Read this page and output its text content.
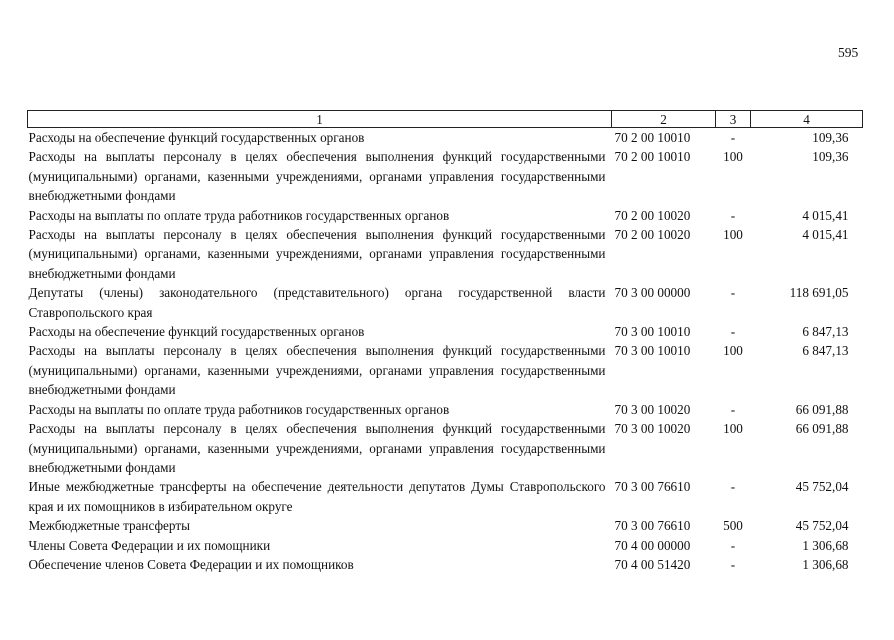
595
1	2	3	4
Расходы на обеспечение функций государственных органов	70 2 00 10010	-	109,36
Расходы на выплаты персоналу в целях обеспечения выполнения функций государственными (муниципальными) органами, казенными учреждениями, органами управления государственными внебюджетными фондами	70 2 00 10010	100	109,36
Расходы на выплаты по оплате труда работников государственных органов	70 2 00 10020	-	4 015,41
Расходы на выплаты персоналу в целях обеспечения выполнения функций государственными (муниципальными) органами, казенными учреждениями, органами управления государственными внебюджетными фондами	70 2 00 10020	100	4 015,41
Депутаты (члены) законодательного (представительного) органа государственной власти Ставропольского края	70 3 00 00000	-	118 691,05
Расходы на обеспечение функций государственных органов	70 3 00 10010	-	6 847,13
Расходы на выплаты персоналу в целях обеспечения выполнения функций государственными (муниципальными) органами, казенными учреждениями, органами управления государственными внебюджетными фондами	70 3 00 10010	100	6 847,13
Расходы на выплаты по оплате труда работников государственных органов	70 3 00 10020	-	66 091,88
Расходы на выплаты персоналу в целях обеспечения выполнения функций государственными (муниципальными) органами, казенными учреждениями, органами управления государственными внебюджетными фондами	70 3 00 10020	100	66 091,88
Иные межбюджетные трансферты на обеспечение деятельности депутатов Думы Ставропольского края и их помощников в избирательном округе	70 3 00 76610	-	45 752,04
Межбюджетные трансферты	70 3 00 76610	500	45 752,04
Члены Совета Федерации и их помощники	70 4 00 00000	-	1 306,68
Обеспечение членов Совета Федерации и их помощников	70 4 00 51420	-	1 306,68
